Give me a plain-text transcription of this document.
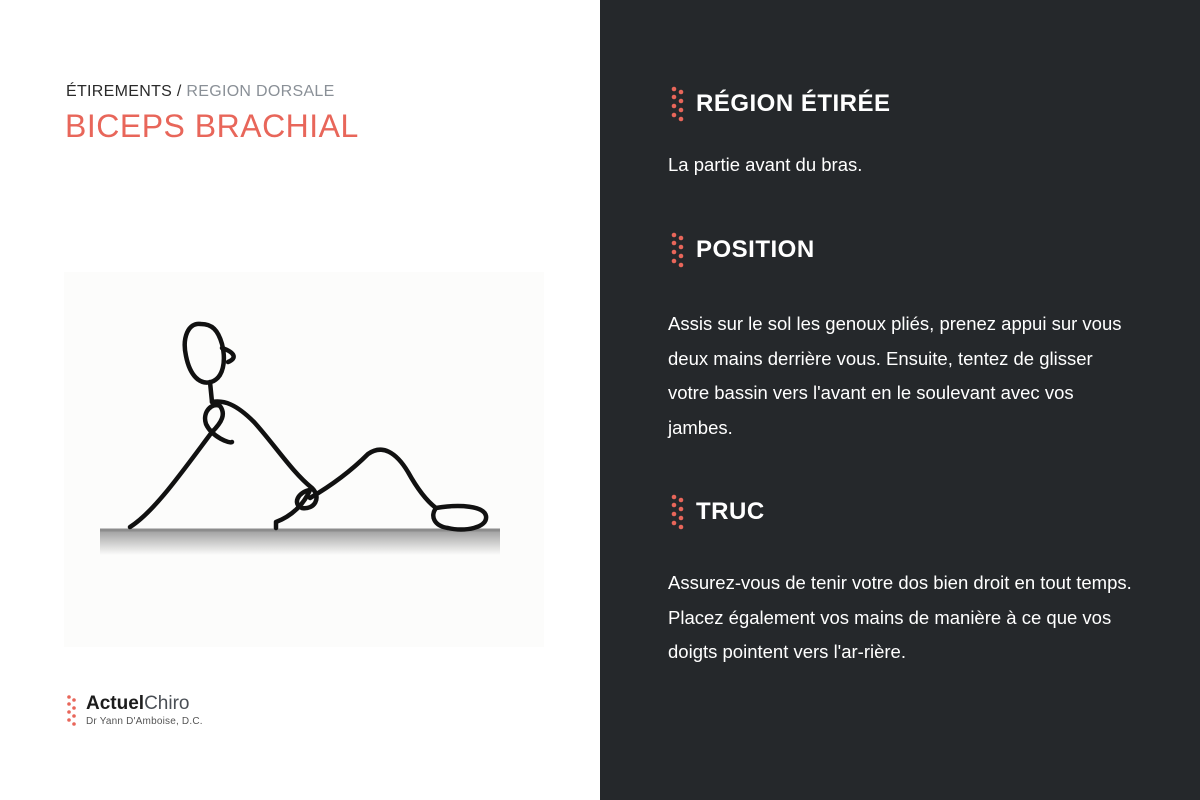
ÉTIREMENTS / REGION DORSALE
BICEPS BRACHIAL
ActuelChiro
Dr Yann D'Amboise, D.C.
RÉGION ÉTIRÉE
La partie avant du bras.
POSITION
Assis sur le sol les genoux pliés, prenez appui sur vous deux mains derrière vous. Ensuite, tentez de glisser votre bassin vers l'avant en le soulevant avec vos jambes.
TRUC
Assurez-vous de tenir votre dos bien droit en tout temps. Placez également vos mains de manière à ce que vos doigts pointent vers l'ar-rière.
